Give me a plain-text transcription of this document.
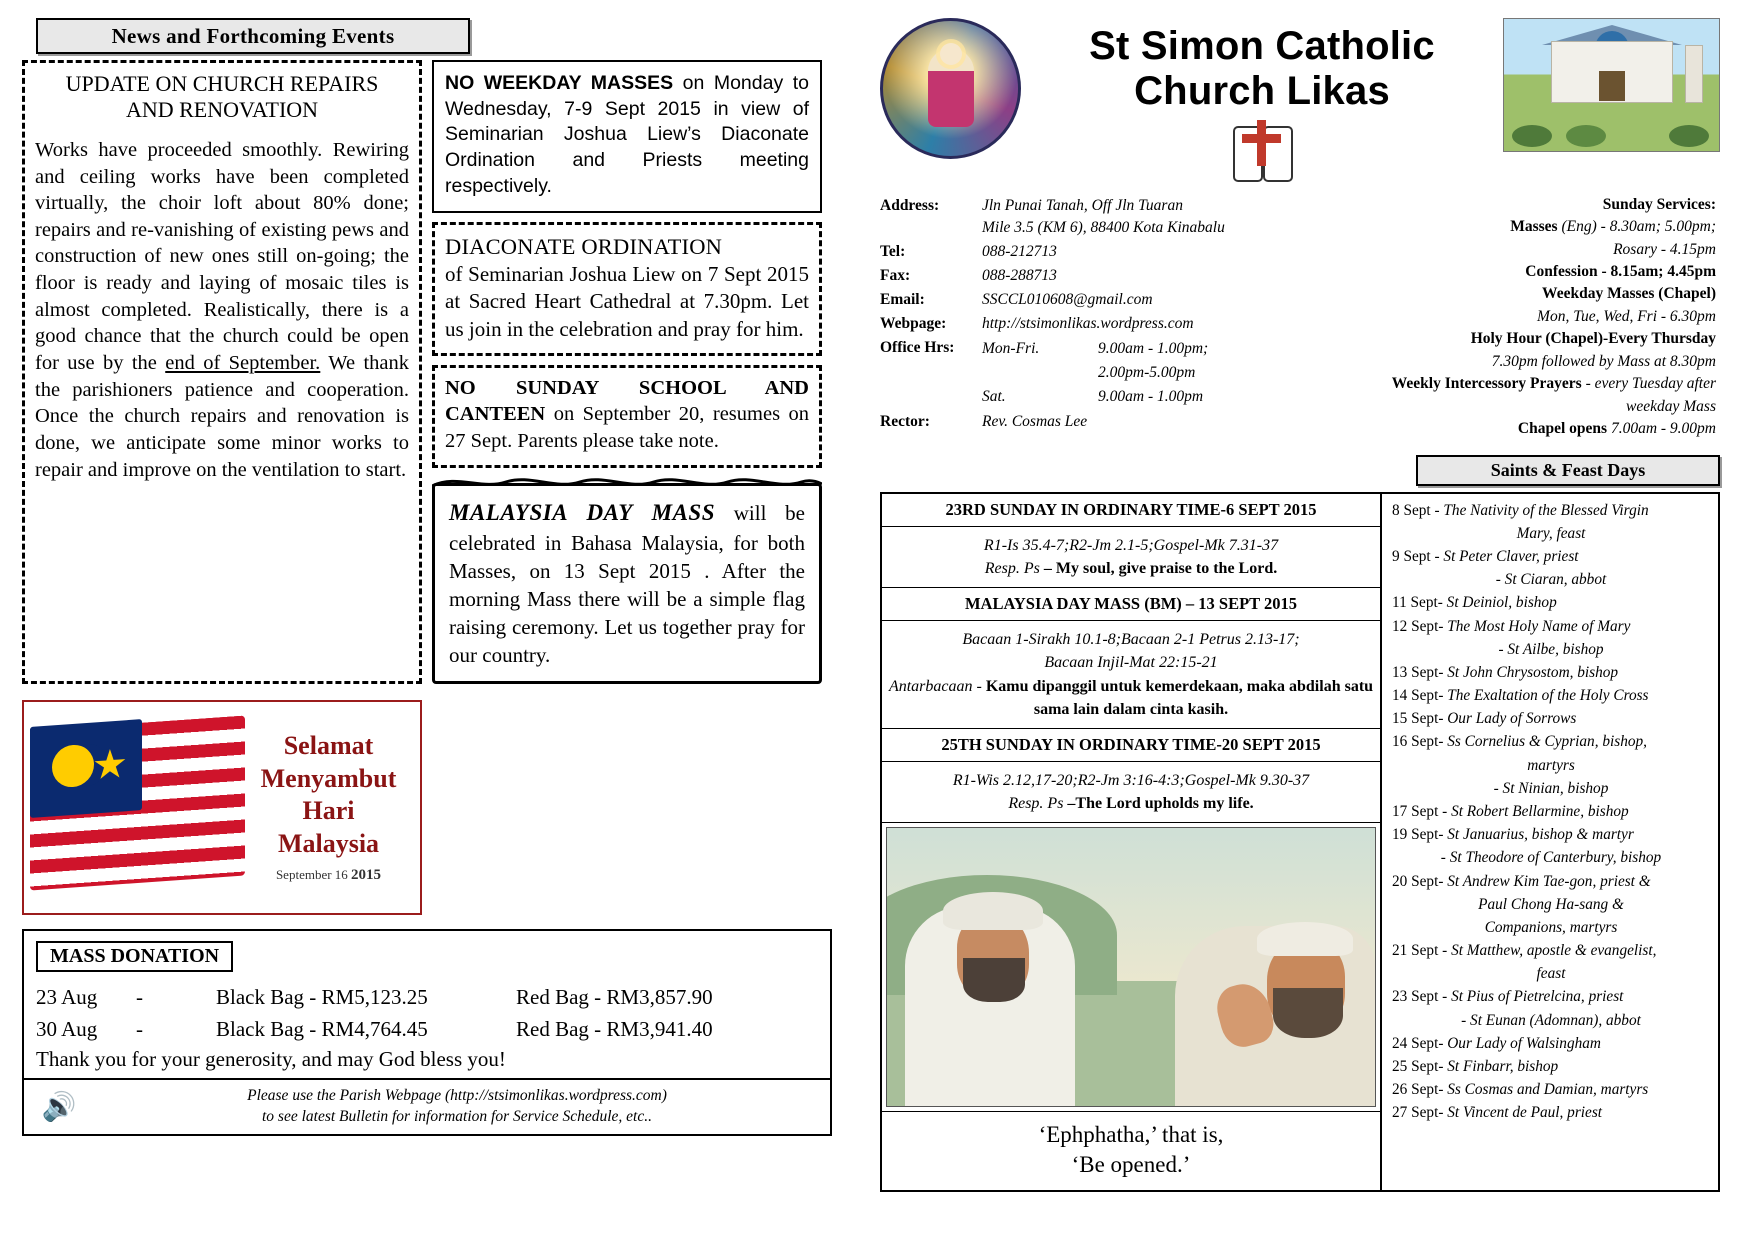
News and Forthcoming Events
UPDATE ON CHURCH REPAIRS
AND RENOVATION
Works have proceeded smoothly. Rewiring and ceiling works have been completed virtually, the choir loft about 80% done; repairs and re-vanishing of existing pews and construction of new ones still on-going; the floor is ready and laying of mosaic tiles is almost completed. Realistically, there is a good chance that the church could be open for use by the end of September. We thank the parishioners patience and cooperation. Once the church repairs and renovation is done, we anticipate some minor works to repair and improve on the ventilation to start.
NO WEEKDAY MASSES on Monday to Wednesday, 7-9 Sept 2015 in view of Seminarian Joshua Liew’s Diaconate Ordination and Priests meeting respectively.
DIACONATE ORDINATION
of Seminarian Joshua Liew on 7 Sept 2015 at Sacred Heart Cathedral at 7.30pm. Let us join in the celebration and pray for him.
NO SUNDAY SCHOOL AND CANTEEN on September 20, resumes on 27 Sept. Parents please take note.
MALAYSIA DAY MASS will be celebrated in Bahasa Malaysia, for both Masses, on 13 Sept 2015 . After the morning Mass there will be a simple flag raising ceremony. Let us together pray for our country.
★	Selamat
Menyambut
Hari
Malaysia
September 16 2015
MASS DONATION
23 Aug	-	Black Bag - RM5,123.25	Red Bag - RM3,857.90
30 Aug	-	Black Bag - RM4,764.45	Red Bag - RM3,941.40
Thank you for your generosity, and may God bless you!
🔊	Please use the Parish Webpage (http://stsimonlikas.wordpress.com)
to see latest Bulletin for information for Service Schedule, etc..
St Simon Catholic
Church Likas
Address:	Jln Punai Tanah, Off Jln Tuaran
Mile 3.5 (KM 6), 88400 Kota Kinabalu

Tel:	088-212713
Fax:	088-288713
Email:	SSCCL010608@gmail.com
Webpage:	http://stsimonlikas.wordpress.com
Office Hrs:	Mon-Fri.	9.00am - 1.00pm;
	2.00pm-5.00pm
Sat.	9.00am - 1.00pm

Rector:	Rev. Cosmas Lee
Sunday Services:
Masses (Eng) - 8.30am; 5.00pm;
Rosary - 4.15pm
Confession - 8.15am; 4.45pm
Weekday Masses (Chapel)
Mon, Tue, Wed, Fri - 6.30pm
Holy Hour (Chapel)-Every Thursday
7.30pm followed by Mass at 8.30pm
Weekly Intercessory Prayers - every Tuesday after weekday Mass
Chapel opens 7.00am - 9.00pm
Saints & Feast Days
23RD SUNDAY IN ORDINARY TIME-6 SEPT 2015
R1-Is 35.4-7;R2-Jm 2.1-5;Gospel-Mk 7.31-37
Resp. Ps – My soul, give praise to the Lord.
MALAYSIA DAY MASS (BM) – 13 SEPT 2015
Bacaan 1-Sirakh 10.1-8;Bacaan 2-1 Petrus 2.13-17;
Bacaan Injil-Mat 22:15-21
Antarbacaan - Kamu dipanggil untuk kemerdekaan, maka abdilah satu sama lain dalam cinta kasih.
25TH SUNDAY IN ORDINARY TIME-20 SEPT 2015
R1-Wis 2.12,17-20;R2-Jm 3:16-4:3;Gospel-Mk 9.30-37
Resp. Ps –The Lord upholds my life.
‘Ephphatha,’ that is,
‘Be opened.’
8 Sept - The Nativity of the Blessed Virgin
Mary, feast
9 Sept - St Peter Claver, priest
- St Ciaran, abbot
11 Sept- St Deiniol, bishop
12 Sept- The Most Holy Name of Mary
- St Ailbe, bishop
13 Sept- St John Chrysostom, bishop
14 Sept- The Exaltation of the Holy Cross
15 Sept- Our Lady of Sorrows
16 Sept- Ss Cornelius & Cyprian, bishop,
martyrs
- St Ninian, bishop
17 Sept - St Robert Bellarmine, bishop
19 Sept- St Januarius, bishop & martyr
- St Theodore of Canterbury, bishop
20 Sept- St Andrew Kim Tae-gon, priest &
Paul Chong Ha-sang &
Companions, martyrs
21 Sept - St Matthew, apostle & evangelist,
feast
23 Sept - St Pius of Pietrelcina, priest
- St Eunan (Adomnan), abbot
24 Sept- Our Lady of Walsingham
25 Sept- St Finbarr, bishop
26 Sept- Ss Cosmas and Damian, martyrs
27 Sept- St Vincent de Paul, priest
